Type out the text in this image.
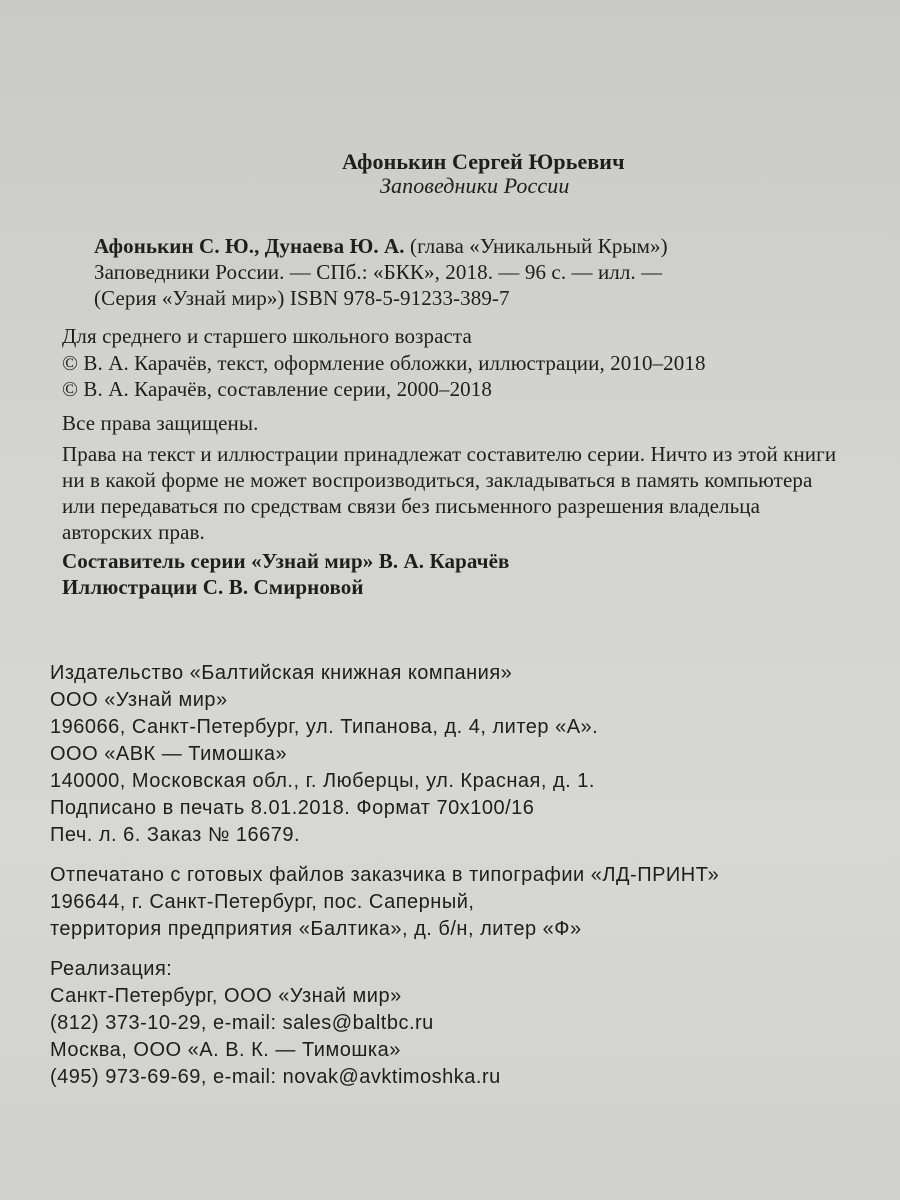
Афонькин Сергей Юрьевич
Заповедники России
Афонькин С. Ю., Дунаева Ю. А. (глава «Уникальный Крым»)
Заповедники России. — СПб.: «БКК», 2018. — 96 с. — илл. —
(Серия «Узнай мир») ISBN 978-5-91233-389-7
Для среднего и старшего школьного возраста
© В. А. Карачёв, текст, оформление обложки, иллюстрации, 2010–2018
© В. А. Карачёв, составление серии, 2000–2018
Все права защищены.
Права на текст и иллюстрации принадлежат составителю серии. Ничто из этой книги
ни в какой форме не может воспроизводиться, закладываться в память компьютера
или передаваться по средствам связи без письменного разрешения владельца
авторских прав.
Составитель серии «Узнай мир» В. А. Карачёв
Иллюстрации С. В. Смирновой
Издательство «Балтийская книжная компания»
ООО «Узнай мир»
196066, Санкт-Петербург, ул. Типанова, д. 4, литер «А».
ООО «АВК — Тимошка»
140000, Московская обл., г. Люберцы, ул. Красная, д. 1.
Подписано в печать 8.01.2018. Формат 70х100/16
Печ. л. 6. Заказ № 16679.
Отпечатано с готовых файлов заказчика в типографии «ЛД-ПРИНТ»
196644, г. Санкт-Петербург, пос. Саперный,
территория предприятия «Балтика», д. б/н, литер «Ф»
Реализация:
Санкт-Петербург, ООО «Узнай мир»
(812) 373-10-29, e-mail: sales@baltbc.ru
Москва, ООО «А. В. К. — Тимошка»
(495) 973-69-69, e-mail: novak@avktimoshka.ru
